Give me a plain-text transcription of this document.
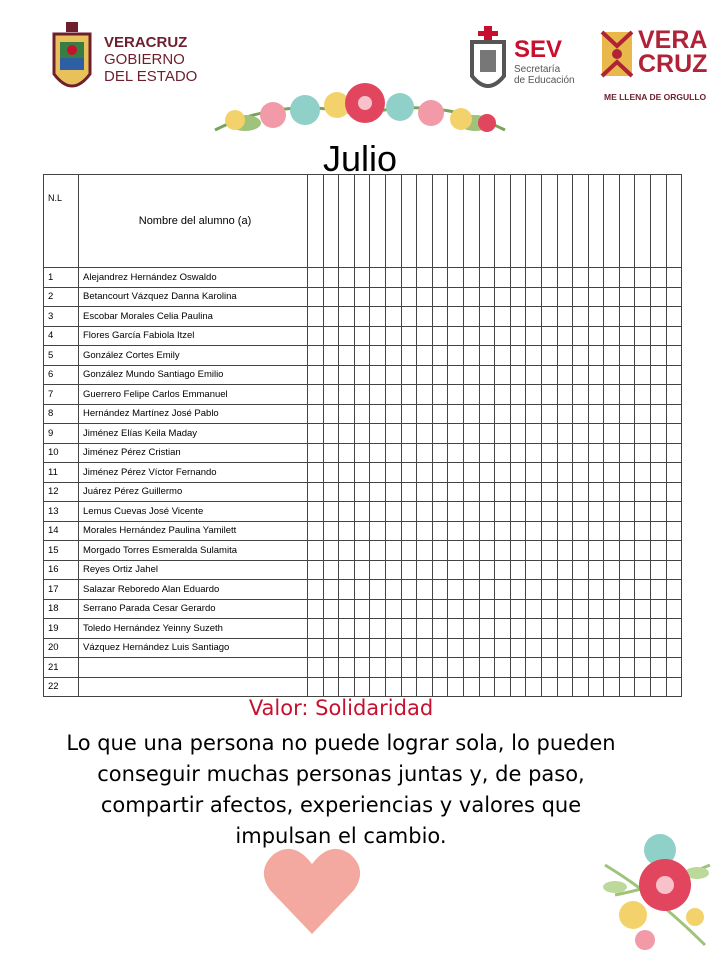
VERACRUZ
GOBIERNO
DEL ESTADO
SEV
Secretaría
de Educación
VERA
CRUZ
ME LLENA DE ORGULLO
Julio
N.L	Nombre del alumno (a)																								
1	Alejandrez Hernández Oswaldo																								
2	Betancourt Vázquez Danna Karolina																								
3	Escobar Morales Celia Paulina																								
4	Flores García Fabiola Itzel																								
5	González Cortes Emily																								
6	González Mundo Santiago Emilio																								
7	Guerrero Felipe Carlos Emmanuel																								
8	Hernández Martínez José Pablo																								
9	Jiménez Elías Keila Maday																								
10	Jiménez Pérez Cristian																								
11	Jiménez Pérez Víctor Fernando																								
12	Juárez Pérez Guillermo																								
13	Lemus Cuevas José Vicente																								
14	Morales Hernández Paulina Yamilett																								
15	Morgado Torres Esmeralda Sulamita																								
16	Reyes Ortiz Jahel																								
17	Salazar Reboredo Alan Eduardo																								
18	Serrano Parada Cesar Gerardo																								
19	Toledo Hernández Yeinny Suzeth																								
20	Vázquez Hernández Luis Santiago																								
21																									
22																									
Valor: Solidaridad
Lo que una persona no puede lograr sola, lo pueden conseguir muchas personas juntas y, de paso, compartir afectos, experiencias y valores que impulsan el cambio.
